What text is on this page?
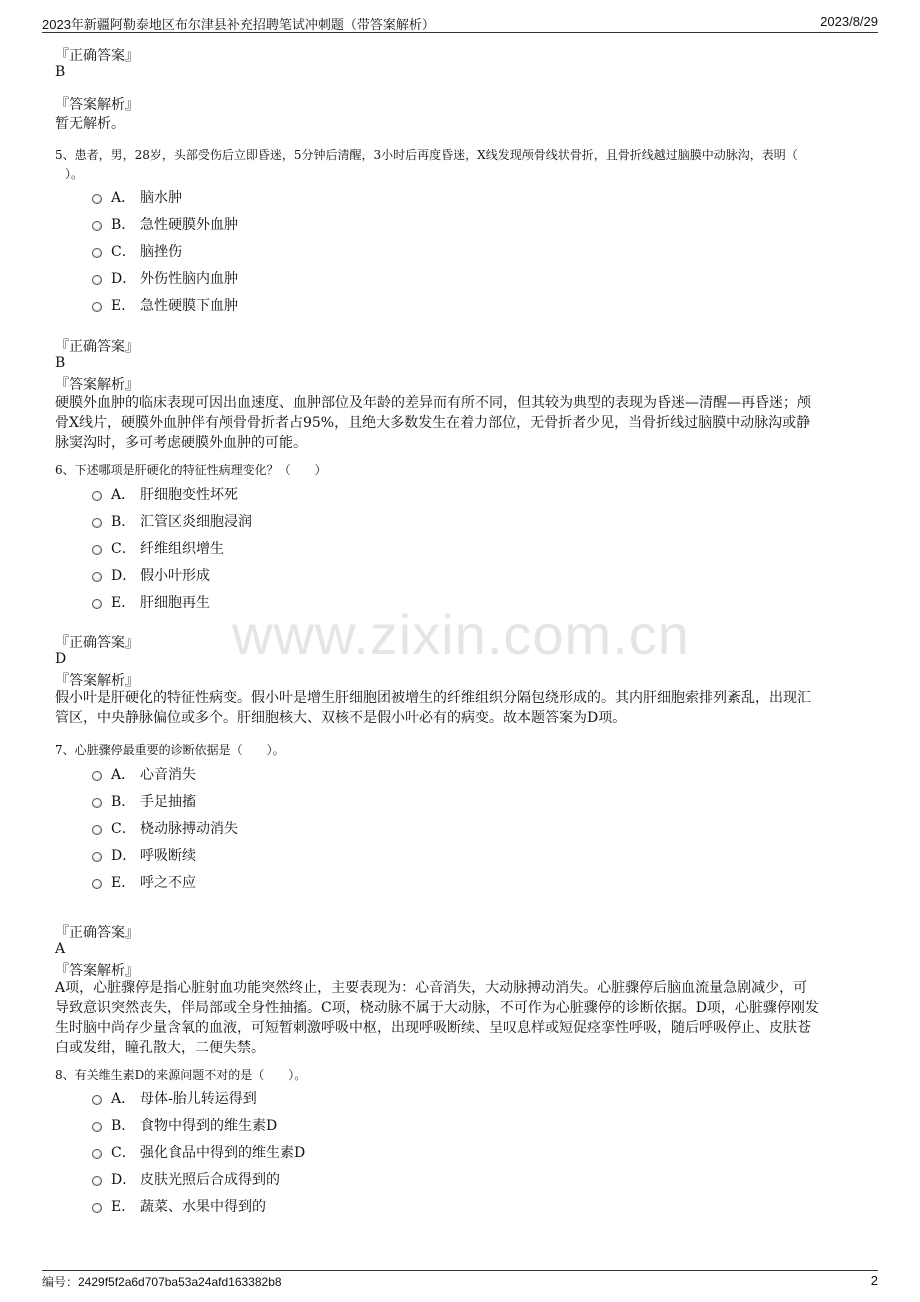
2023年新疆阿勒泰地区布尔津县补充招聘笔试冲刺题（带答案解析）	2023/8/29
www.zixin.com.cn
『正确答案』
B
『答案解析』
暂无解析。
5、患者，男，28岁，头部受伤后立即昏迷，5分钟后清醒，3小时后再度昏迷，X线发现颅骨线状骨折，且骨折线越过脑膜中动脉沟，表明（
）。
A． 脑水肿
B． 急性硬膜外血肿
C． 脑挫伤
D． 外伤性脑内血肿
E． 急性硬膜下血肿
『正确答案』
B
『答案解析』
硬膜外血肿的临床表现可因出血速度、血肿部位及年龄的差异而有所不同，但其较为典型的表现为昏迷—清醒—再昏迷；颅
骨X线片，硬膜外血肿伴有颅骨骨折者占95%，且绝大多数发生在着力部位，无骨折者少见，当骨折线过脑膜中动脉沟或静
脉窦沟时，多可考虑硬膜外血肿的可能。
6、下述哪项是肝硬化的特征性病理变化？（　　）
A． 肝细胞变性坏死
B． 汇管区炎细胞浸润
C． 纤维组织增生
D． 假小叶形成
E． 肝细胞再生
『正确答案』
D
『答案解析』
假小叶是肝硬化的特征性病变。假小叶是增生肝细胞团被增生的纤维组织分隔包绕形成的。其内肝细胞索排列紊乱，出现汇
管区，中央静脉偏位或多个。肝细胞核大、双核不是假小叶必有的病变。故本题答案为D项。
7、心脏骤停最重要的诊断依据是（　　）。
A． 心音消失
B． 手足抽搐
C． 桡动脉搏动消失
D． 呼吸断续
E． 呼之不应
『正确答案』
A
『答案解析』
A项，心脏骤停是指心脏射血功能突然终止，主要表现为：心音消失，大动脉搏动消失。心脏骤停后脑血流量急剧减少，可
导致意识突然丧失，伴局部或全身性抽搐。C项，桡动脉不属于大动脉，不可作为心脏骤停的诊断依据。D项，心脏骤停刚发
生时脑中尚存少量含氧的血液，可短暂刺激呼吸中枢，出现呼吸断续、呈叹息样或短促痉挛性呼吸，随后呼吸停止、皮肤苍
白或发绀，瞳孔散大，二便失禁。
8、有关维生素D的来源问题不对的是（　　）。
A． 母体-胎儿转运得到
B． 食物中得到的维生素D
C． 强化食品中得到的维生素D
D． 皮肤光照后合成得到的
E． 蔬菜、水果中得到的
编号：2429f5f2a6d707ba53a24afd163382b8	2
